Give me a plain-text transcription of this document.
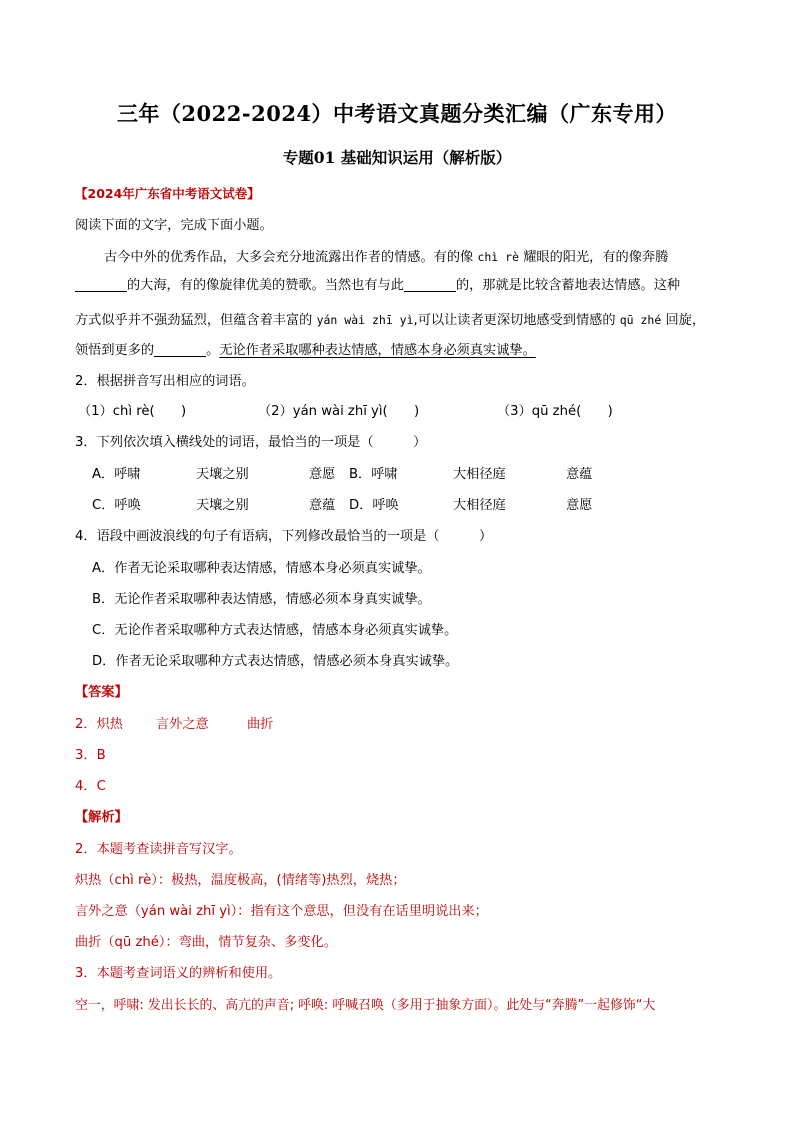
三年（2022-2024）中考语文真题分类汇编（广东专用）
专题01 基础知识运用（解析版）
【2024年广东省中考语文试卷】
阅读下面的文字，完成下面小题。
古今中外的优秀作品，大多会充分地流露出作者的情感。有的像 chì rè 耀眼的阳光，有的像奔腾
的大海，有的像旋律优美的赞歌。当然也有与此	的，那就是比较含蓄地表达情感。这种
方式似乎并不强劲猛烈，但蕴含着丰富的 yán wài zhī yì,可以让读者更深切地感受到情感的 qū zhé 回旋，
领悟到更多的	。无论作者采取哪种表达情感，情感本身必须真实诚挚。
2．根据拼音写出相应的词语。
（1）chì rè(　　)	（2）yán wài zhī yì(　　)	（3）qū zhé(　　)
3．下列依次填入横线处的词语，最恰当的一项是（　　　）
A．呼啸	天壤之别	意愿 B．呼啸	大相径庭	意蕴
C．呼唤	天壤之别	意蕴 D．呼唤	大相径庭	意愿
4．语段中画波浪线的句子有语病，下列修改最恰当的一项是（　　　）
A．作者无论采取哪种表达情感，情感本身必须真实诚挚。
B．无论作者采取哪种表达情感，情感必须本身真实诚挚。
C．无论作者采取哪种方式表达情感，情感本身必须真实诚挚。
D．作者无论采取哪种方式表达情感，情感必须本身真实诚挚。
【答案】
2．炽热	言外之意	曲折
3．B
4．C
【解析】
2．本题考查读拼音写汉字。
炽热（chì rè）：极热，温度极高，(情绪等)热烈，烧热；
言外之意（yán wài zhī yì）：指有这个意思，但没有在话里明说出来；
曲折（qū zhé）：弯曲，情节复杂、多变化。
3．本题考查词语义的辨析和使用。
空一，呼啸: 发出长长的、高亢的声音; 呼唤: 呼喊召唤（多用于抽象方面）。此处与“奔腾”一起修饰“大
